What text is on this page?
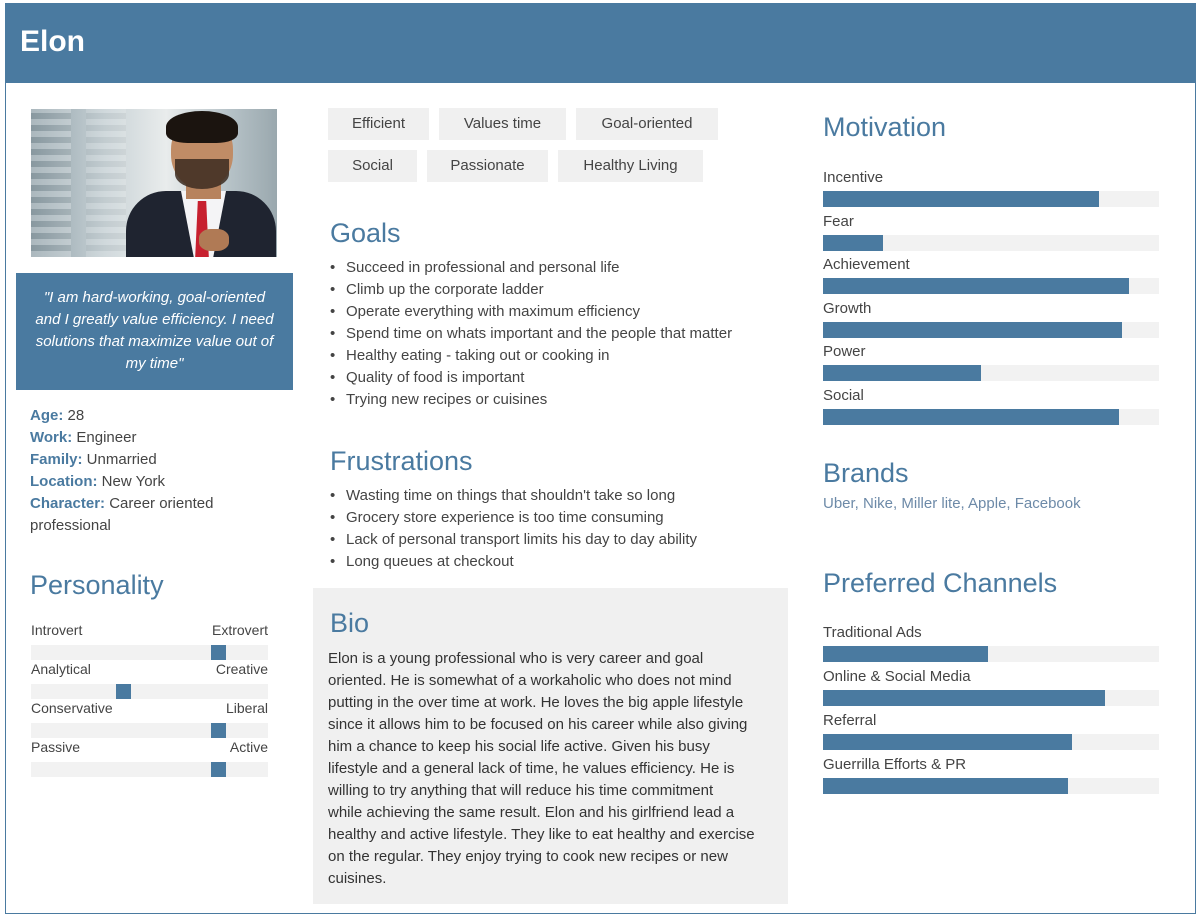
Elon
"I am hard-working, goal-oriented and I greatly value efficiency. I need solutions that maximize value out of my time"
Age: 28
Work: Engineer
Family: Unmarried
Location: New York
Character: Career oriented professional
Personality
Introvert	Extrovert
Analytical	Creative
Conservative	Liberal
Passive	Active
Efficient	Values time	Goal-oriented
Social	Passionate	Healthy Living
Goals
• Succeed in professional and personal life
• Climb up the corporate ladder
• Operate everything with maximum efficiency
• Spend time on whats important and the people that matter
• Healthy eating - taking out or cooking in
• Quality of food is important
• Trying new recipes or cuisines
Frustrations
• Wasting time on things that shouldn't take so long
• Grocery store experience is too time consuming
• Lack of personal transport limits his day to day ability
• Long queues at checkout
Bio
Elon is a young professional who is very career and goal
oriented. He is somewhat of a workaholic who does not mind
putting in the over time at work. He loves the big apple lifestyle
since it allows him to be focused on his career while also giving
him a chance to keep his social life active. Given his busy
lifestyle and a general lack of time, he values efficiency. He is
willing to try anything that will reduce his time commitment
while achieving the same result. Elon and his girlfriend lead a
healthy and active lifestyle. They like to eat healthy and exercise
on the regular. They enjoy trying to cook new recipes or new
cuisines.
Motivation
Incentive
Fear
Achievement
Growth
Power
Social
Brands
Uber, Nike, Miller lite, Apple, Facebook
Preferred Channels
Traditional Ads
Online & Social Media
Referral
Guerrilla Efforts & PR
